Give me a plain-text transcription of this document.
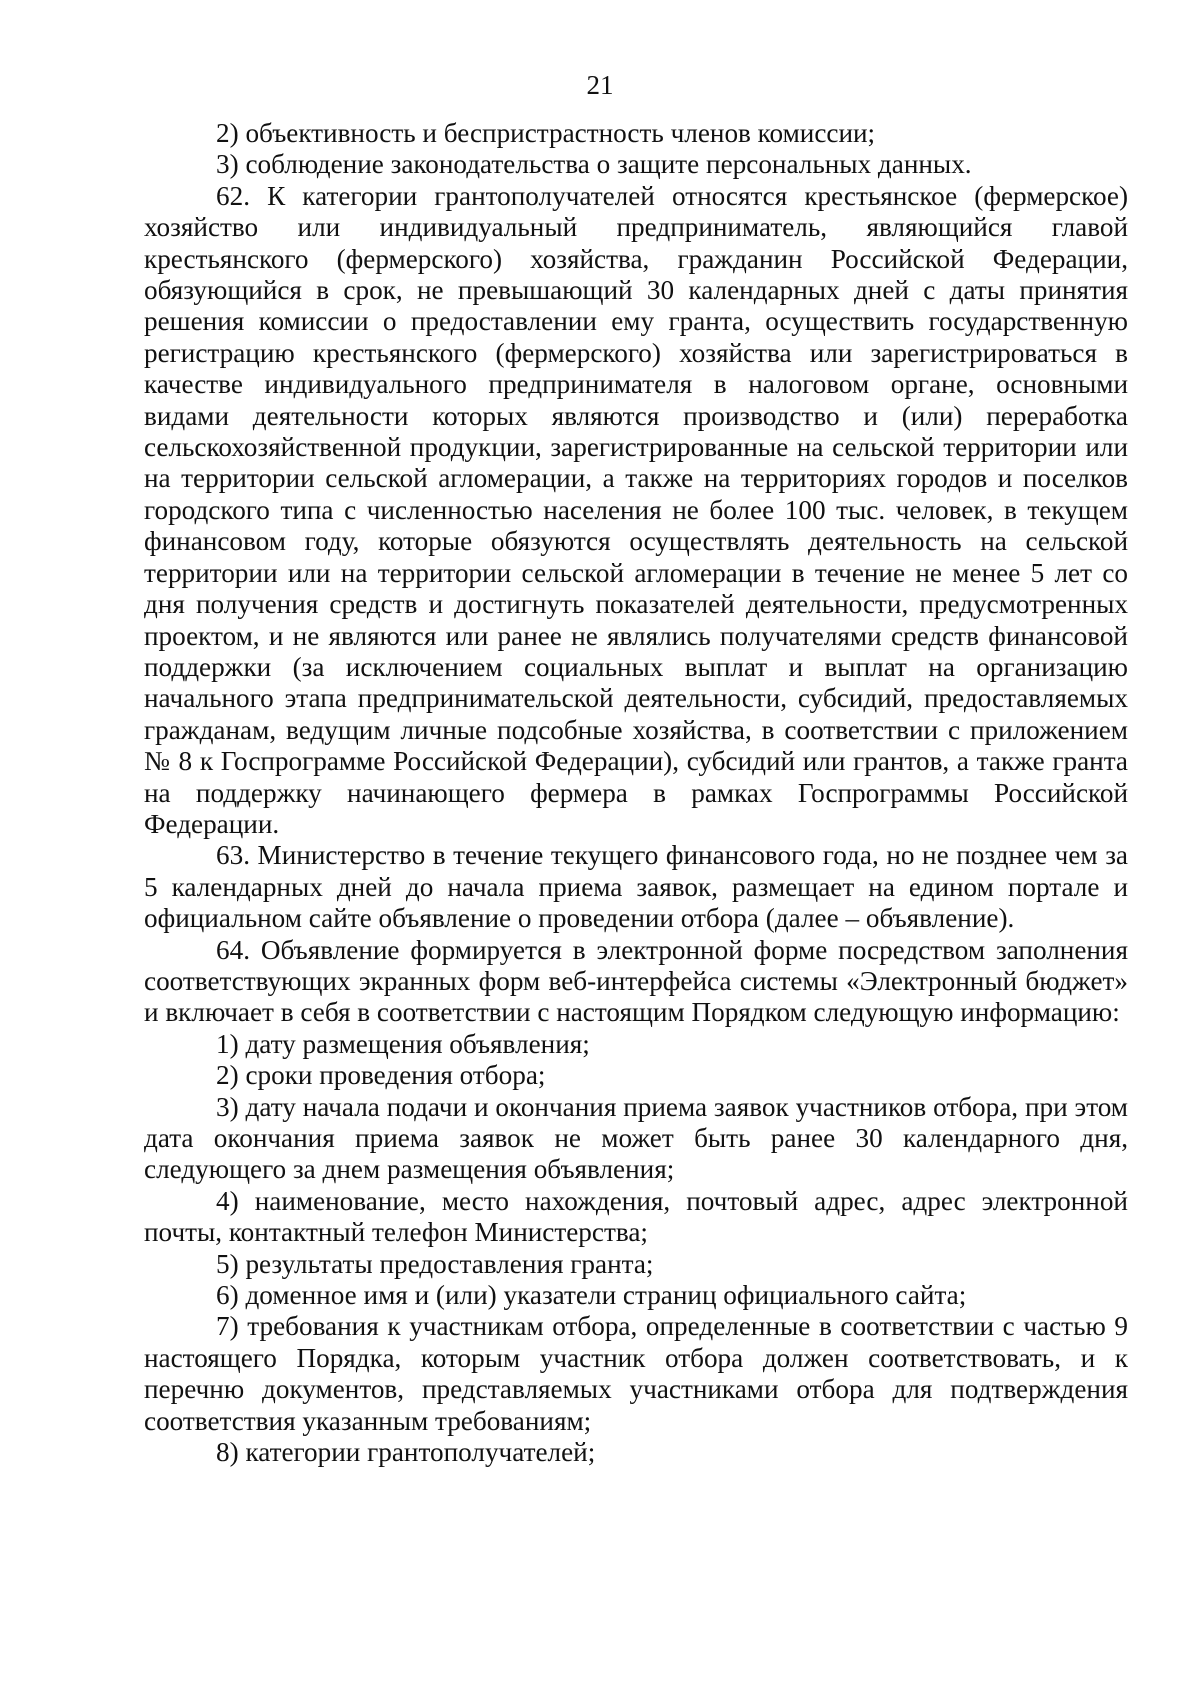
21

2) объективность и беспристрастность членов комиссии;

3) соблюдение законодательства о защите персональных данных.

62. К категории грантополучателей относятся крестьянское (фермерское) хозяйство или индивидуальный предприниматель, являющийся главой крестьянского (фермерского) хозяйства, гражданин Российской Федерации, обязующийся в срок, не превышающий 30 календарных дней с даты принятия решения комиссии о предоставлении ему гранта, осуществить государственную регистрацию крестьянского (фермерского) хозяйства или зарегистрироваться в качестве индивидуального предпринимателя в налоговом органе, основными видами деятельности которых являются производство и (или) переработка сельскохозяйственной продукции, зарегистрированные на сельской территории или на территории сельской агломерации, а также на территориях городов и поселков городского типа с численностью населения не более 100 тыс. человек, в текущем финансовом году, которые обязуются осуществлять деятельность на сельской территории или на территории сельской агломерации в течение не менее 5 лет со дня получения средств и достигнуть показателей деятельности, предусмотренных проектом, и не являются или ранее не являлись получателями средств финансовой поддержки (за исключением социальных выплат и выплат на организацию начального этапа предпринимательской деятельности, субсидий, предоставляемых гражданам, ведущим личные подсобные хозяйства, в соответствии с приложением № 8 к Госпрограмме Российской Федерации), субсидий или грантов, а также гранта на поддержку начинающего фермера в рамках Госпрограммы Российской Федерации.

63. Министерство в течение текущего финансового года, но не позднее чем за 5 календарных дней до начала приема заявок, размещает на едином портале и официальном сайте объявление о проведении отбора (далее – объявление).

64. Объявление формируется в электронной форме посредством заполнения соответствующих экранных форм веб-интерфейса системы «Электронный бюджет» и включает в себя в соответствии с настоящим Порядком следующую информацию:

1) дату размещения объявления;

2) сроки проведения отбора;

3) дату начала подачи и окончания приема заявок участников отбора, при этом дата окончания приема заявок не может быть ранее 30 календарного дня, следующего за днем размещения объявления;

4) наименование, место нахождения, почтовый адрес, адрес электронной почты, контактный телефон Министерства;

5) результаты предоставления гранта;

6) доменное имя и (или) указатели страниц официального сайта;

7) требования к участникам отбора, определенные в соответствии с частью 9 настоящего Порядка, которым участник отбора должен соответствовать, и к перечню документов, представляемых участниками отбора для подтверждения соответствия указанным требованиям;

8) категории грантополучателей;
